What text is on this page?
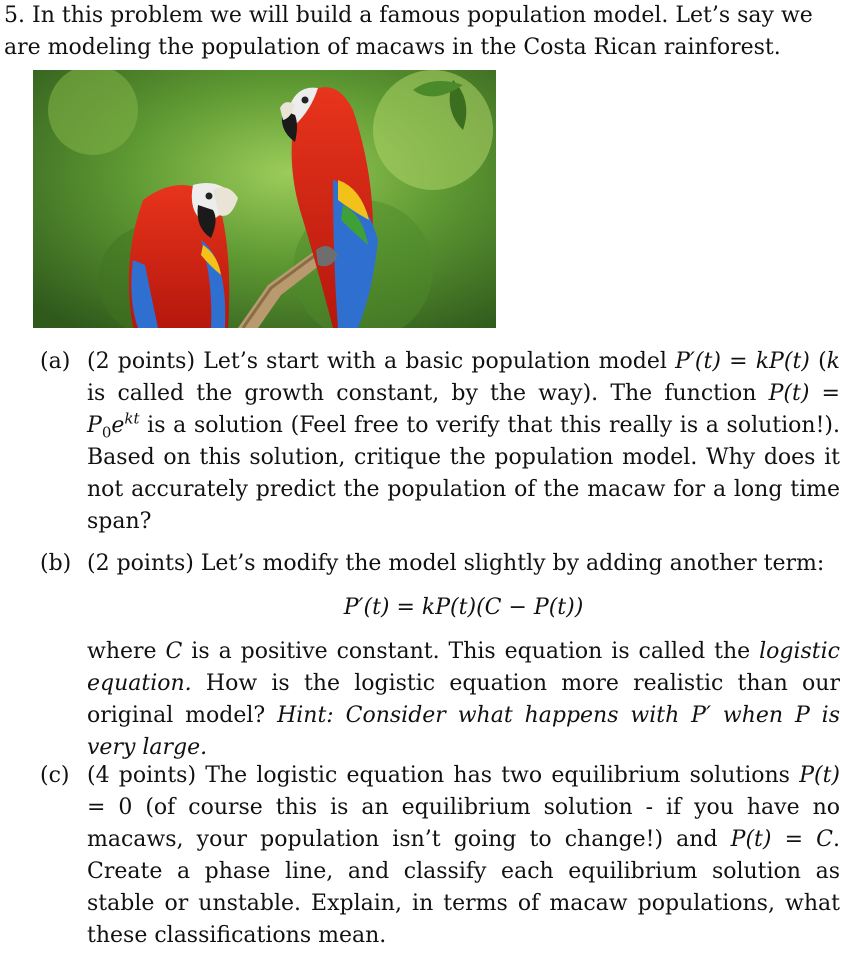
5. In this problem we will build a famous population model. Let’s say we are modeling the population of macaws in the Costa Rican rainforest.
(a) (2 points) Let’s start with a basic population model P′(t) = kP(t) (k is called the growth constant, by the way). The function $P(t) = P_0e^{kt}$ is a solution (Feel free to verify that this really is a solution!). Based on this solution, critique the population model. Why does it not accurately predict the population of the macaw for a long time span?
(b) (2 points) Let’s modify the model slightly by adding another term:
P′(t) = kP(t)(C − P(t))
where C is a positive constant. This equation is called the logistic equation. How is the logistic equation more realistic than our original model? Hint: Consider what happens with P′ when P is very large.
(c) (4 points) The logistic equation has two equilibrium solutions P(t) = 0 (of course this is an equilibrium solution - if you have no macaws, your population isn’t going to change!) and P(t) = C. Create a phase line, and classify each equilibrium solution as stable or unstable. Explain, in terms of macaw populations, what these classifications mean.
